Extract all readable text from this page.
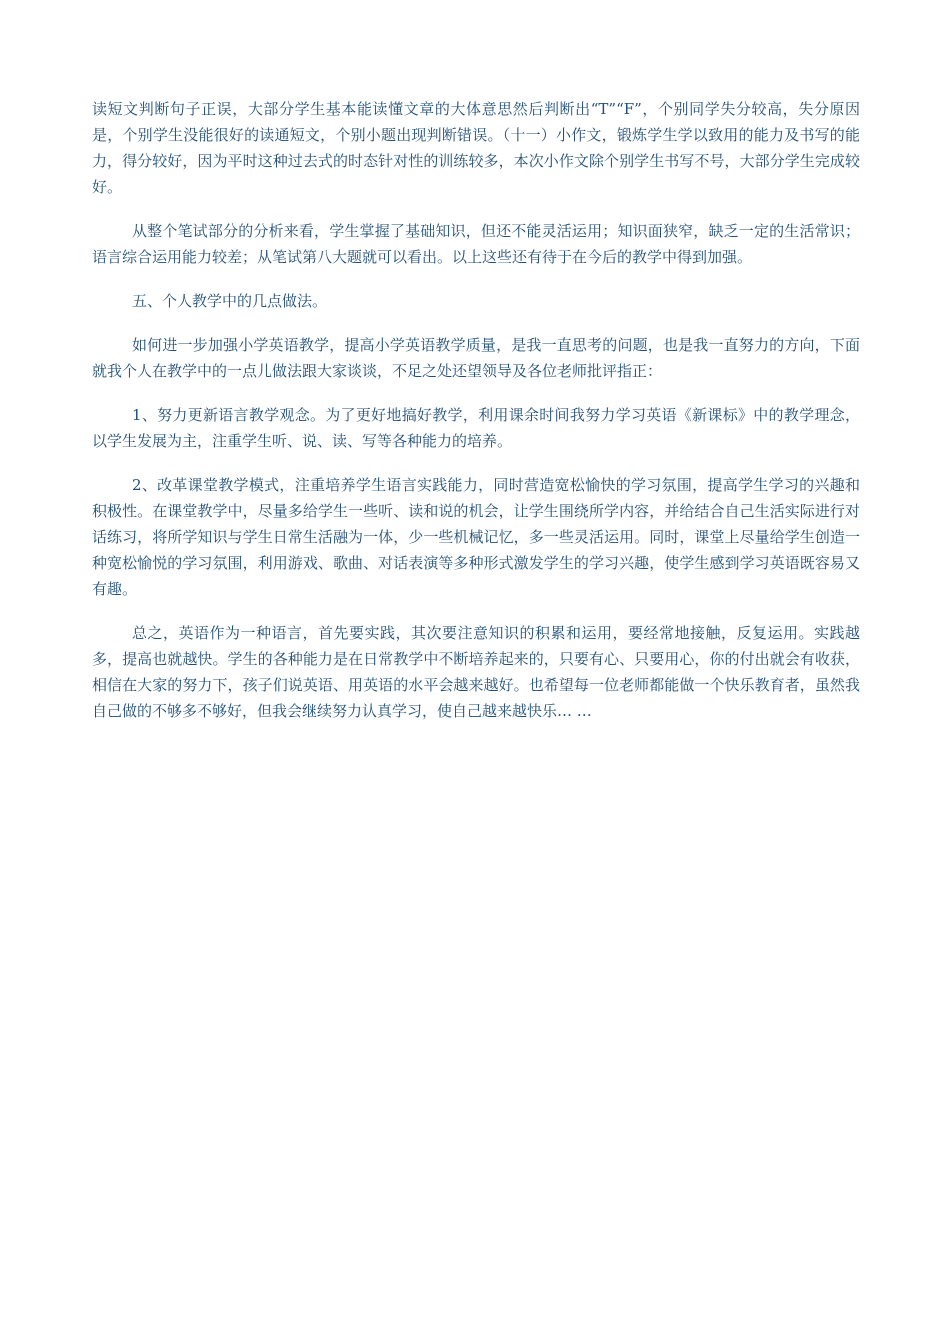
读短文判断句子正误，大部分学生基本能读懂文章的大体意思然后判断出“T”“F”，个别同学失分较高，失分原因是，个别学生没能很好的读通短文，个别小题出现判断错误。（十一）小作文，锻炼学生学以致用的能力及书写的能力，得分较好，因为平时这种过去式的时态针对性的训练较多，本次小作文除个别学生书写不号，大部分学生完成较好。

从整个笔试部分的分析来看，学生掌握了基础知识，但还不能灵活运用；知识面狭窄，缺乏一定的生活常识；语言综合运用能力较差；从笔试第八大题就可以看出。以上这些还有待于在今后的教学中得到加强。

五、个人教学中的几点做法。

如何进一步加强小学英语教学，提高小学英语教学质量，是我一直思考的问题，也是我一直努力的方向，下面就我个人在教学中的一点儿做法跟大家谈谈，不足之处还望领导及各位老师批评指正：

1、努力更新语言教学观念。为了更好地搞好教学，利用课余时间我努力学习英语《新课标》中的教学理念，以学生发展为主，注重学生听、说、读、写等各种能力的培养。

2、改革课堂教学模式，注重培养学生语言实践能力，同时营造宽松愉快的学习氛围，提高学生学习的兴趣和积极性。在课堂教学中，尽量多给学生一些听、读和说的机会，让学生围绕所学内容，并给结合自己生活实际进行对话练习，将所学知识与学生日常生活融为一体，少一些机械记忆，多一些灵活运用。同时，课堂上尽量给学生创造一种宽松愉悦的学习氛围，利用游戏、歌曲、对话表演等多种形式激发学生的学习兴趣，使学生感到学习英语既容易又有趣。

总之，英语作为一种语言，首先要实践，其次要注意知识的积累和运用，要经常地接触，反复运用。实践越多，提高也就越快。学生的各种能力是在日常教学中不断培养起来的，只要有心、只要用心，你的付出就会有收获，相信在大家的努力下，孩子们说英语、用英语的水平会越来越好。也希望每一位老师都能做一个快乐教育者，虽然我自己做的不够多不够好，但我会继续努力认真学习，使自己越来越快乐… …
